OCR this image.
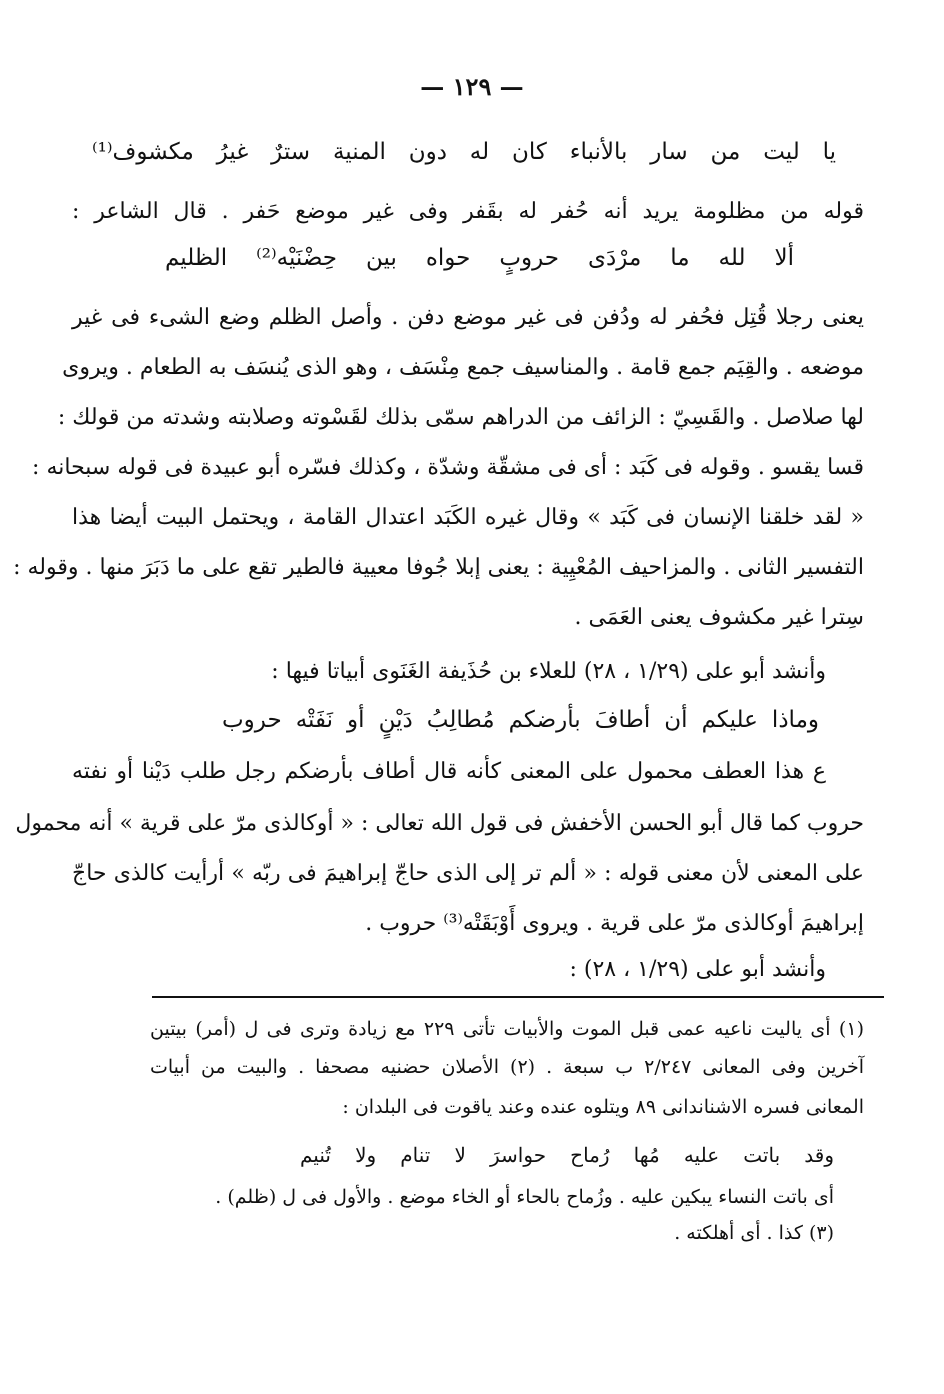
— ١٢٩ —
يا ليت من سار بالأنباء كان له دون المنية سترٌ غيرُ مكشوف⁽¹⁾
قوله من مظلومة يريد أنه حُفر له بقَفر وفى غير موضع حَفر . قال الشاعر :
ألا لله ما مرْدَى حروبٍ حواه بين حِضْنَيْه⁽²⁾ الظليم
يعنى رجلا قُتِل فحُفر له ودُفن فى غير موضع دفن . وأصل الظلم وضع الشىء فى غير
موضعه . والقِيَم جمع قامة . والمناسيف جمع مِنْسَف ، وهو الذى يُنسَف به الطعام . ويروى
لها صلاصل . والقَسِيّ : الزائف من الدراهم سمّى بذلك لقَسْوته وصلابته وشدته من قولك :
قسا يقسو . وقوله فى كَبَد : أى فى مشقّة وشدّة ، وكذلك فسّره أبو عبيدة فى قوله سبحانه :
« لقد خلقنا الإنسان فى كَبَد » وقال غيره الكَبَد اعتدال القامة ، ويحتمل البيت أيضا هذا
التفسير الثانى . والمزاحيف المُعْيِية : يعنى إبلا جُوفا معيية فالطير تقع على ما دَبَرَ منها . وقوله :
سِترا غير مكشوف يعنى العَمَى .
وأنشد أبو على (١/٢٩ ، ٢٨) للعلاء بن حُذَيفة الغَنَوى أبياتا فيها :
وماذا عليكم أن أطافَ بأرضكم مُطالِبُ دَيْنٍ أو نَفَتْه حروب
ع هذا العطف محمول على المعنى كأنه قال أطاف بأرضكم رجل طلب دَيْنا أو نفته
حروب كما قال أبو الحسن الأخفش فى قول الله تعالى : « أوكالذى مرّ على قرية » أنه محمول
على المعنى لأن معنى قوله : « ألم تر إلى الذى حاجّ إبراهيمَ فى ربّه » أرأيت كالذى حاجّ
إبراهيمَ أوكالذى مرّ على قرية . ويروى أَوْبَقَتْه⁽³⁾ حروب .
وأنشد أبو على (١/٢٩ ، ٢٨) :
(١) أى ياليت ناعيه عمى قبل الموت والأبيات تأتى ٢٢٩ مع زيادة وترى فى ل (أمر) بيتين
آخرين وفى المعانى ٢/٢٤٧ ب سبعة . (٢) الأصلان حضنيه مصحفا . والبيت من أبيات
المعانى فسره الاشناندانى ٨٩ ويتلوه عنده وعند ياقوت فى البلدان :
وقد باتت عليه مُها رُماح حواسرَ لا تنام ولا تُنيم
أى باتت النساء يبكين عليه . وزُماح بالحاء أو الخاء موضع . والأول فى ل (ظلم) .
(٣) كذا . أى أهلكته .
